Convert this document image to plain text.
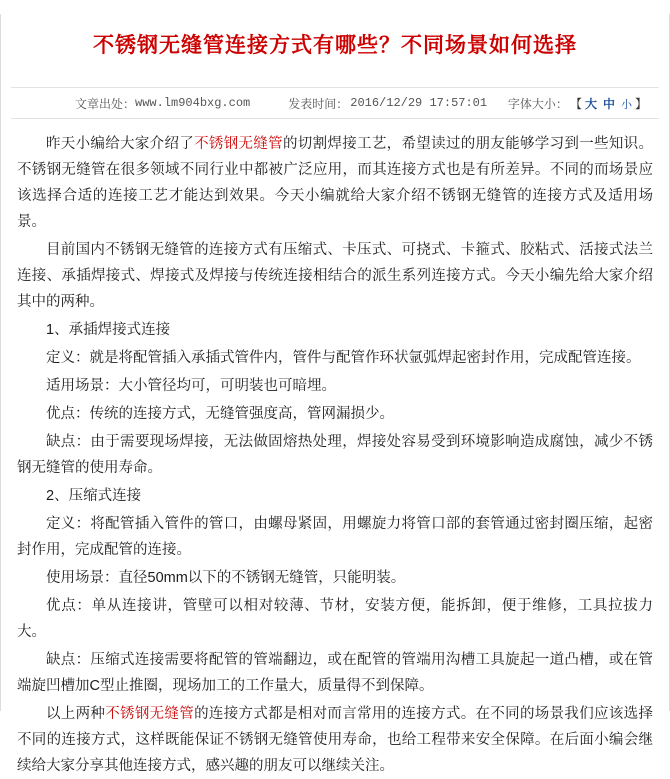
不锈钢无缝管连接方式有哪些？不同场景如何选择
文章出处： www.lm904bxg.com	发表时间： 2016/12/29 17:57:01 字体大小： 【 大 中 小 】

昨天小编给大家介绍了不锈钢无缝管的切割焊接工艺，希望读过的朋友能够学习到一些知识。不锈钢无缝管在很多领域不同行业中都被广泛应用，而其连接方式也是有所差异。不同的而场景应该选择合适的连接工艺才能达到效果。今天小编就给大家介绍不锈钢无缝管的连接方式及适用场景。

目前国内不锈钢无缝管的连接方式有压缩式、卡压式、可挠式、卡箍式、胶粘式、活接式法兰连接、承插焊接式、焊接式及焊接与传统连接相结合的派生系列连接方式。今天小编先给大家介绍其中的两种。

1、承插焊接式连接

定义：就是将配管插入承插式管件内，管件与配管作环状氩弧焊起密封作用，完成配管连接。

适用场景：大小管径均可，可明装也可暗埋。

优点：传统的连接方式，无缝管强度高，管网漏损少。

缺点：由于需要现场焊接，无法做固熔热处理，焊接处容易受到环境影响造成腐蚀，减少不锈钢无缝管的使用寿命。

2、压缩式连接

定义：将配管插入管件的管口，由螺母紧固，用螺旋力将管口部的套管通过密封圈压缩，起密封作用，完成配管的连接。

使用场景：直径50mm以下的不锈钢无缝管，只能明装。

优点：单从连接讲，管壁可以相对较薄、节材，安装方便，能拆卸，便于维修，工具拉拔力大。

缺点：压缩式连接需要将配管的管端翻边，或在配管的管端用沟槽工具旋起一道凸槽，或在管端旋凹槽加C型止推圈，现场加工的工作量大，质量得不到保障。

以上两种不锈钢无缝管的连接方式都是相对而言常用的连接方式。在不同的场景我们应该选择不同的连接方式，这样既能保证不锈钢无缝管使用寿命，也给工程带来安全保障。在后面小编会继续给大家分享其他连接方式，感兴趣的朋友可以继续关注。
